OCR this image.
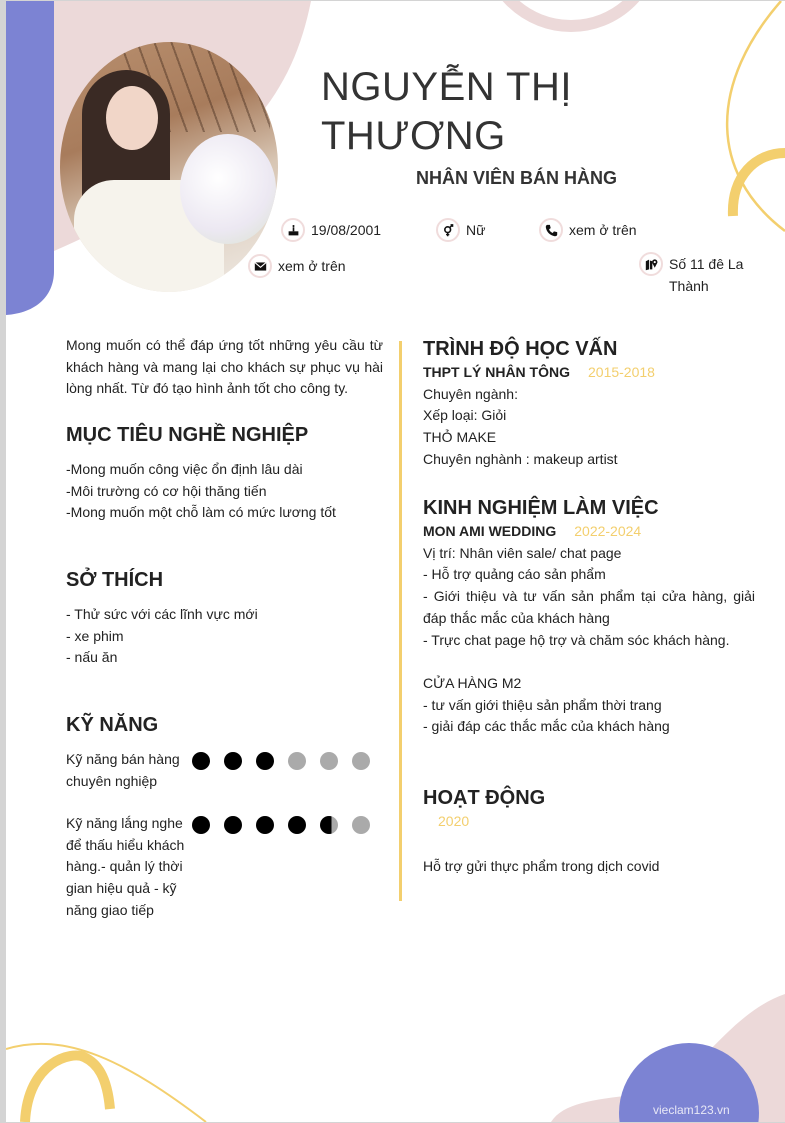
NGUYỄN THỊ THƯƠNG
NHÂN VIÊN BÁN HÀNG
19/08/2001	Nữ	xem ở trên
xem ở trên	Số 11 đê La Thành
Mong muốn có thể đáp ứng tốt những yêu cầu từ khách hàng và mang lại cho khách sự phục vụ hài lòng nhất. Từ đó tạo hình ảnh tốt cho công ty.
MỤC TIÊU NGHỀ NGHIỆP
-Mong muốn công việc ổn định lâu dài
-Môi trường có cơ hội thăng tiến
-Mong muốn một chỗ làm có mức lương tốt
SỞ THÍCH
- Thử sức với các lĩnh vực mới
- xe phim
- nấu ăn
KỸ NĂNG
Kỹ năng bán hàng chuyên nghiệp
Kỹ năng lắng nghe để thấu hiểu khách hàng.- quản lý thời gian hiệu quả - kỹ năng giao tiếp
TRÌNH ĐỘ HỌC VẤN
THPT LÝ NHÂN TÔNG 2015-2018
Chuyên ngành:
Xếp loại: Giỏi
THỎ MAKE
Chuyên nghành : makeup artist
KINH NGHIỆM LÀM VIỆC
MON AMI WEDDING 2022-2024
Vị trí: Nhân viên sale/ chat page
- Hỗ trợ quảng cáo sản phẩm
- Giới thiệu và tư vấn sản phẩm tại cửa hàng, giải đáp thắc mắc của khách hàng
- Trực chat page hộ trợ và chăm sóc khách hàng.
CỬA HÀNG M2
- tư vấn giới thiệu sản phẩm thời trang
- giải đáp các thắc mắc của khách hàng
HOẠT ĐỘNG
2020
Hỗ trợ gửi thực phẩm trong dịch covid
vieclam123.vn
